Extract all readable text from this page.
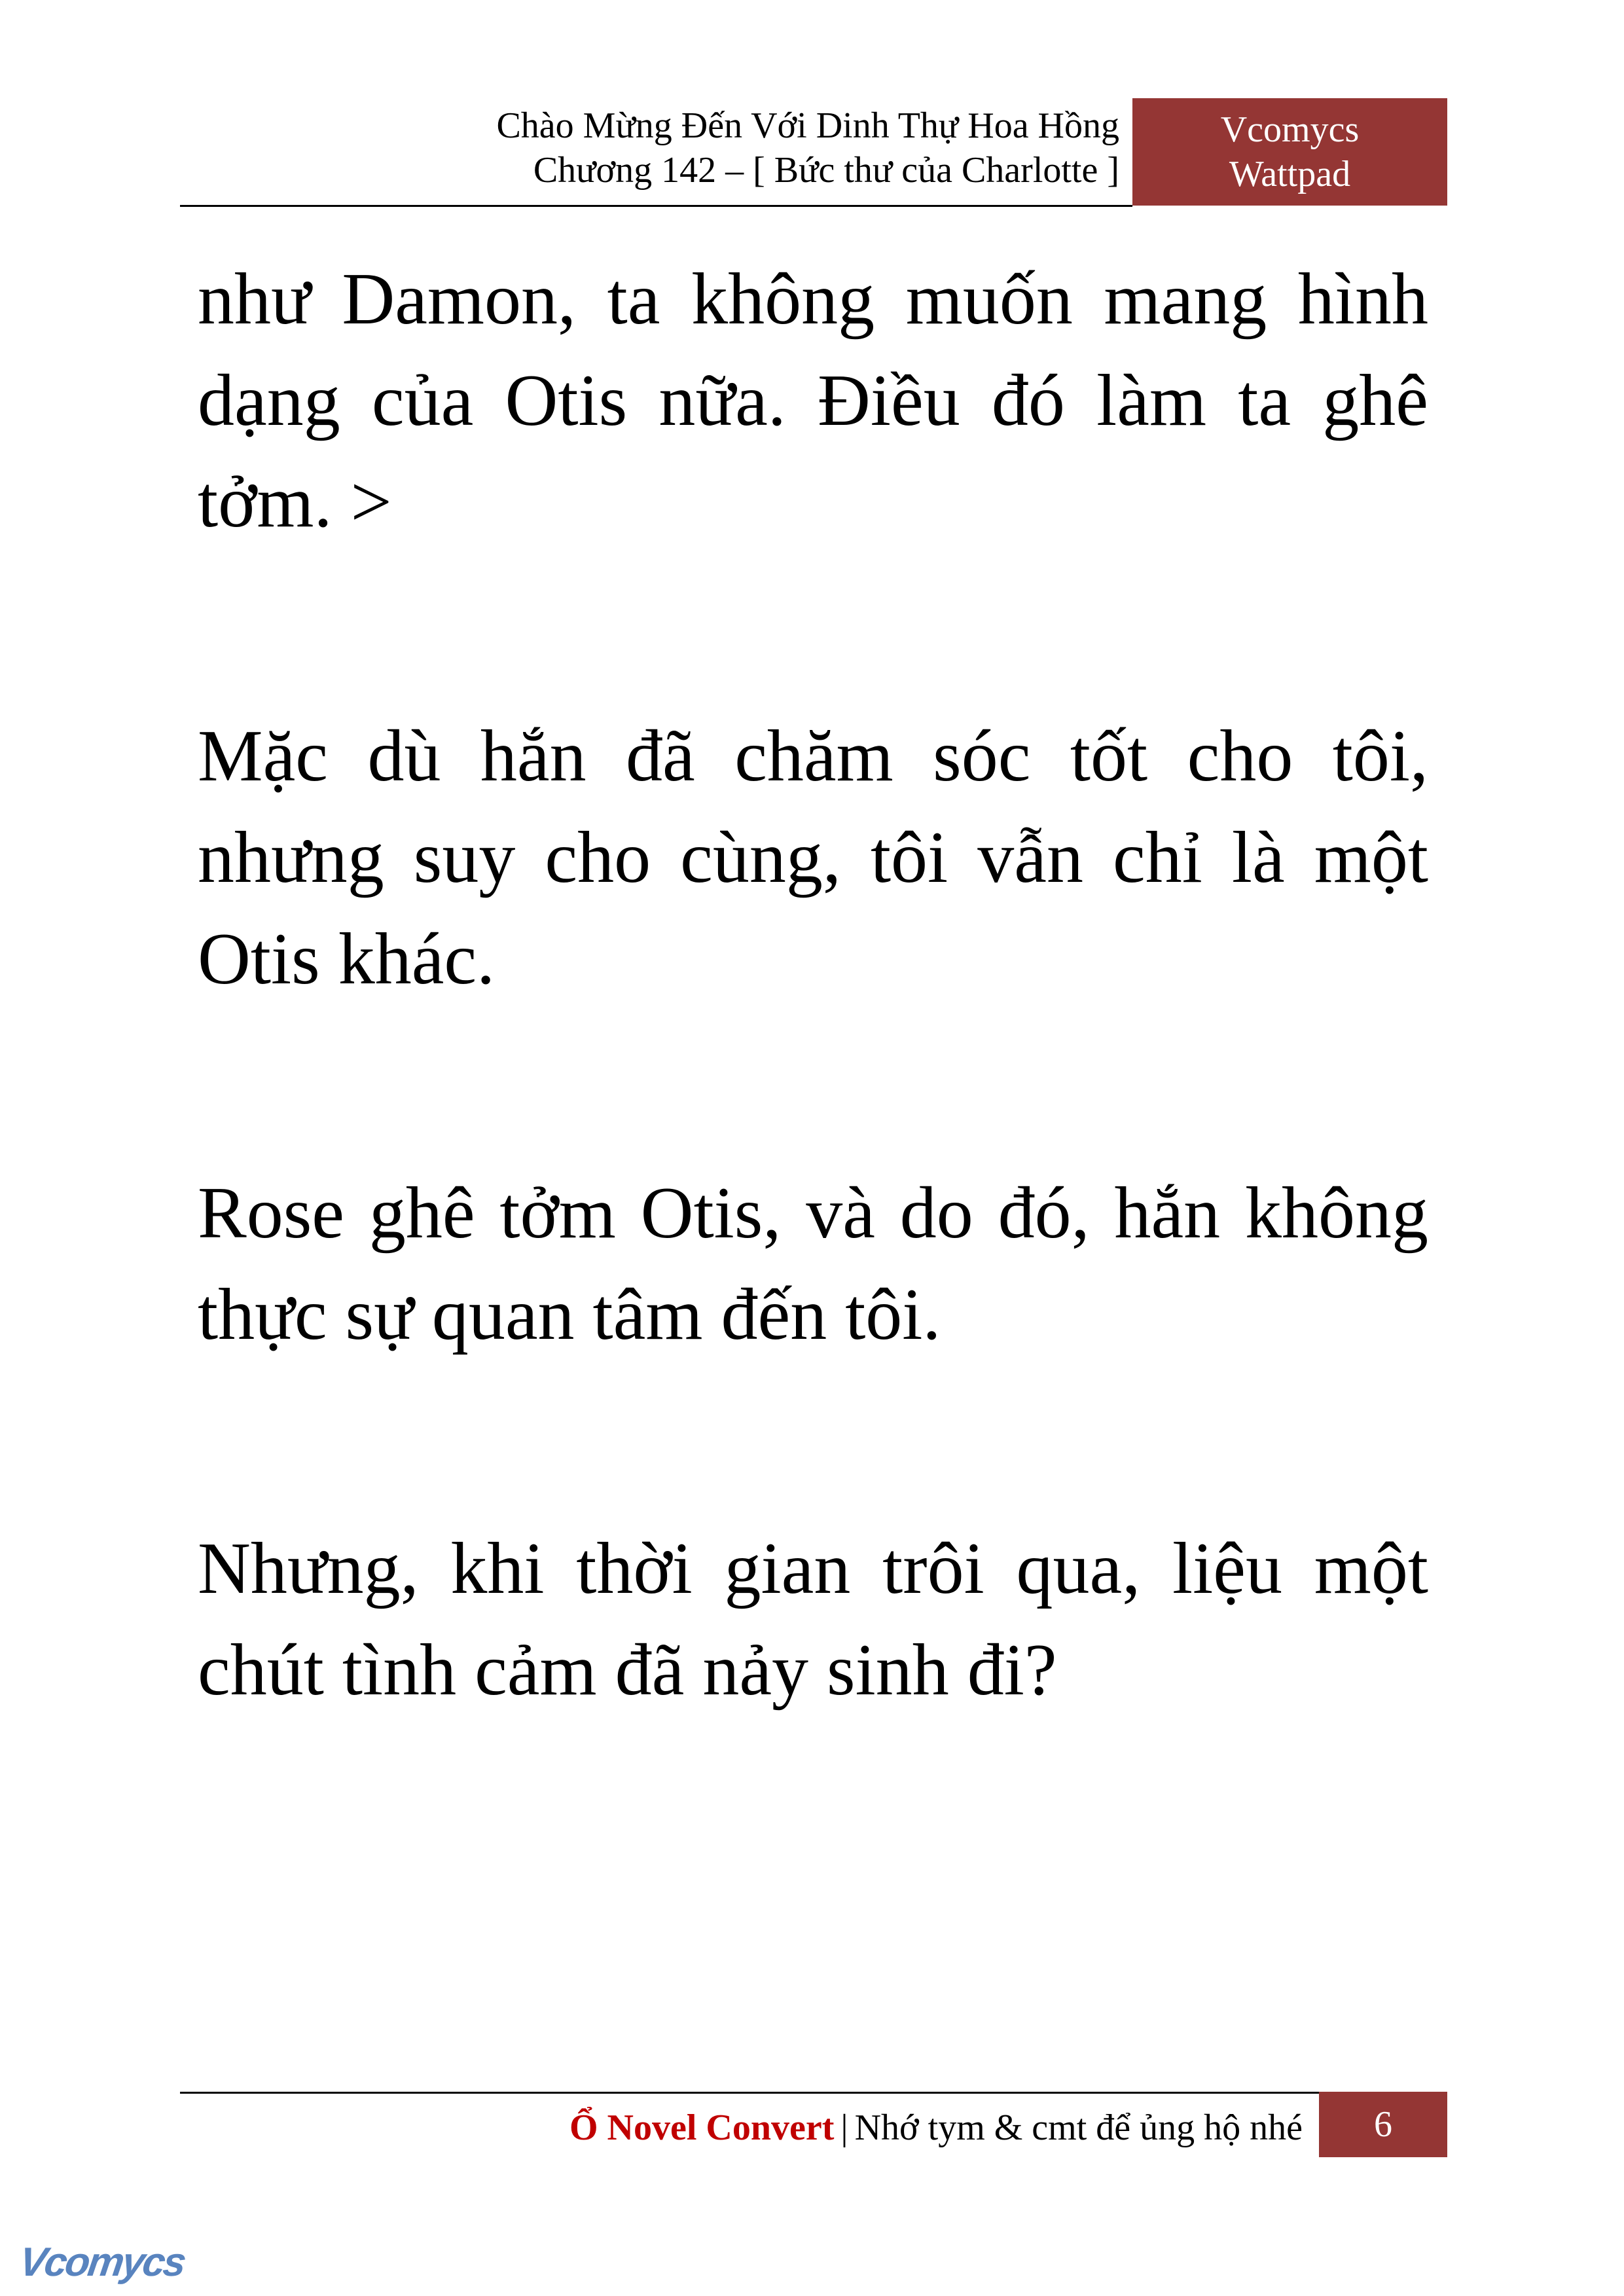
Chào Mừng Đến Với Dinh Thự Hoa Hồng
Chương 142 – [ Bức thư của Charlotte ]
Vcomycs
Wattpad

như Damon, ta không muốn mang hình dạng của Otis nữa. Điều đó làm ta ghê tởm. >

Mặc dù hắn đã chăm sóc tốt cho tôi, nhưng suy cho cùng, tôi vẫn chỉ là một Otis khác.

Rose ghê tởm Otis, và do đó, hắn không thực sự quan tâm đến tôi.

Nhưng, khi thời gian trôi qua, liệu một chút tình cảm đã nảy sinh đi?

Ổ Novel Convert | Nhớ tym & cmt để ủng hộ nhé	6
Vcomycs
